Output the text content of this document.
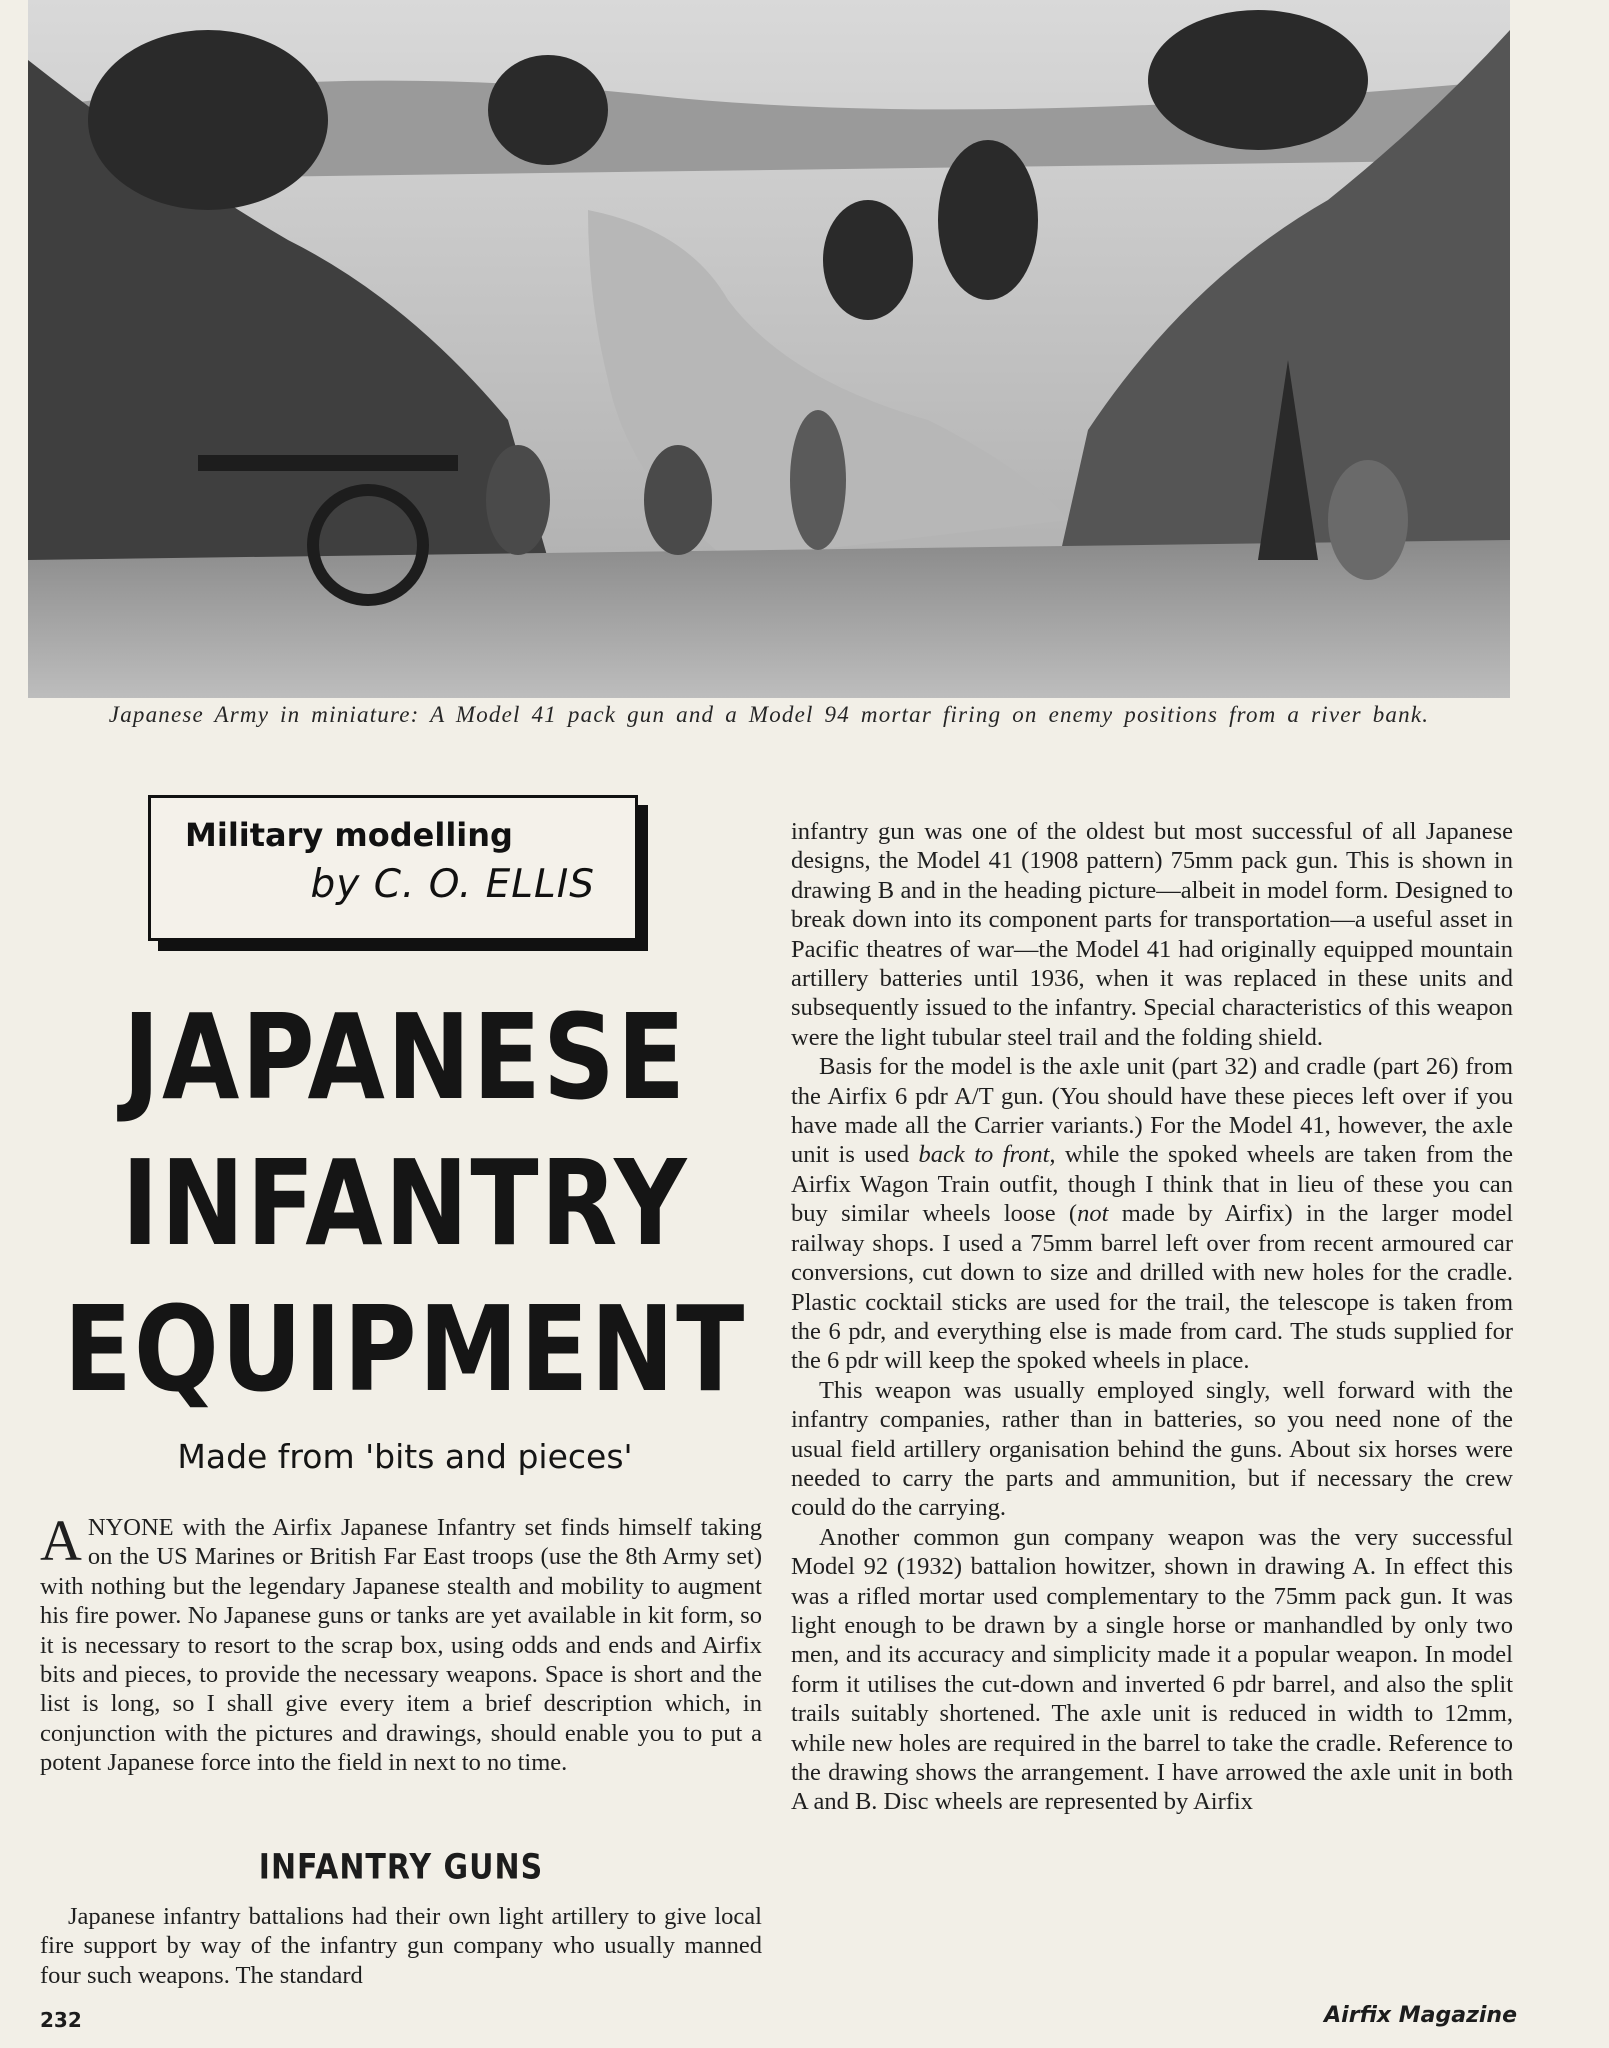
Japanese Army in miniature: A Model 41 pack gun and a Model 94 mortar firing on enemy positions from a river bank.
Military modelling
by C. O. ELLIS
JAPANESE
INFANTRY
EQUIPMENT
Made from 'bits and pieces'

ANYONE with the Airfix Japanese Infantry set finds himself taking on the US Marines or British Far East troops (use the 8th Army set) with nothing but the legendary Japanese stealth and mobility to augment his fire power. No Japanese guns or tanks are yet available in kit form, so it is necessary to resort to the scrap box, using odds and ends and Airfix bits and pieces, to provide the necessary weapons. Space is short and the list is long, so I shall give every item a brief description which, in conjunction with the pictures and drawings, should enable you to put a potent Japanese force into the field in next to no time.

INFANTRY GUNS

Japanese infantry battalions had their own light artillery to give local fire support by way of the infantry gun company who usually manned four such weapons. The standard

infantry gun was one of the oldest but most successful of all Japanese designs, the Model 41 (1908 pattern) 75mm pack gun. This is shown in drawing B and in the heading picture—albeit in model form. Designed to break down into its component parts for transportation—a useful asset in Pacific theatres of war—the Model 41 had originally equipped mountain artillery batteries until 1936, when it was replaced in these units and subsequently issued to the infantry. Special characteristics of this weapon were the light tubular steel trail and the folding shield.

Basis for the model is the axle unit (part 32) and cradle (part 26) from the Airfix 6 pdr A/T gun. (You should have these pieces left over if you have made all the Carrier variants.) For the Model 41, however, the axle unit is used back to front, while the spoked wheels are taken from the Airfix Wagon Train outfit, though I think that in lieu of these you can buy similar wheels loose (not made by Airfix) in the larger model railway shops. I used a 75mm barrel left over from recent armoured car conversions, cut down to size and drilled with new holes for the cradle. Plastic cocktail sticks are used for the trail, the telescope is taken from the 6 pdr, and everything else is made from card. The studs supplied for the 6 pdr will keep the spoked wheels in place.

This weapon was usually employed singly, well forward with the infantry companies, rather than in batteries, so you need none of the usual field artillery organisation behind the guns. About six horses were needed to carry the parts and ammunition, but if necessary the crew could do the carrying.

Another common gun company weapon was the very successful Model 92 (1932) battalion howitzer, shown in drawing A. In effect this was a rifled mortar used complementary to the 75mm pack gun. It was light enough to be drawn by a single horse or manhandled by only two men, and its accuracy and simplicity made it a popular weapon. In model form it utilises the cut-down and inverted 6 pdr barrel, and also the split trails suitably shortened. The axle unit is reduced in width to 12mm, while new holes are required in the barrel to take the cradle. Reference to the drawing shows the arrangement. I have arrowed the axle unit in both A and B. Disc wheels are represented by Airfix

232	Airfix Magazine
